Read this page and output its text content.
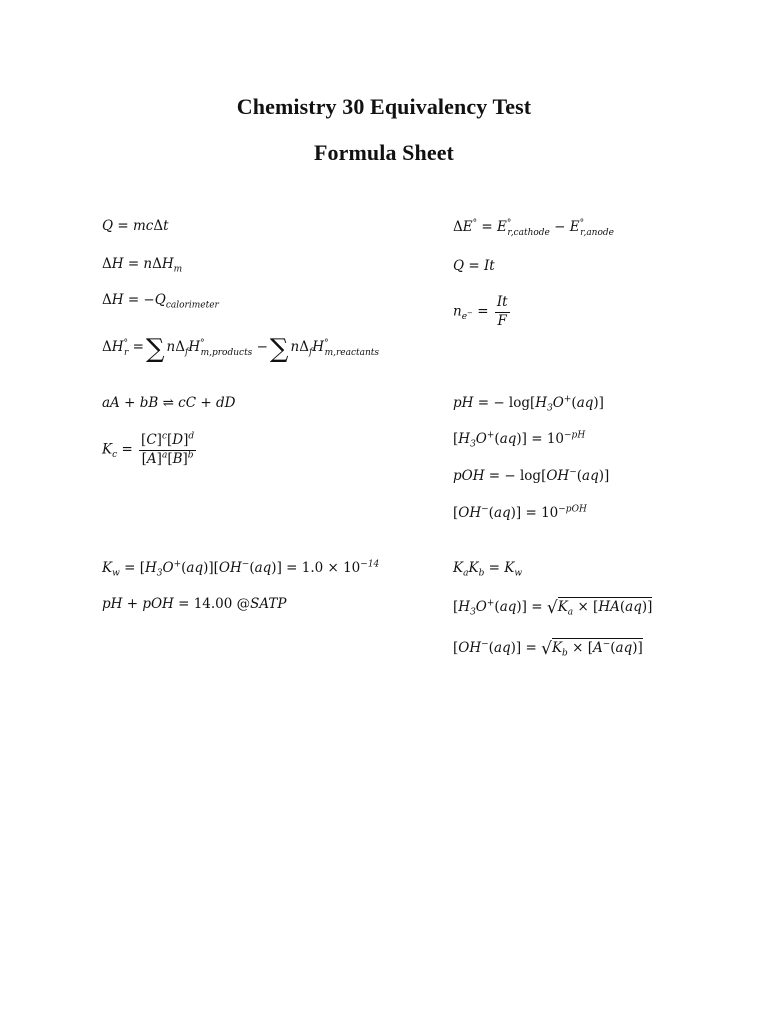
Chemistry 30 Equivalency Test
Formula Sheet
Q = mcΔt
ΔH = nΔH$_m$
$\Delta H = -Q_{calorimeter}$
$\Delta H^\circ_r$ =∑ $n\Delta_fH^\circ_{m,products}$ −∑ $n\Delta_fH^\circ_{m,reactants}$
$\Delta E^\circ = E^\circ_{r,cathode} - E^\circ_{r,anode}$
Q = It
$n_{e^-} = \frac{It}{F}$
aA + bB ⇌ cC + dD
$K_c = \frac{[C]^c[D]^d}{[A]^a[B]^b}$
pH = − $\log[H_3O^+(aq)]$
$[H_3O^+(aq)] = 10^{-pH}$
pOH = − log[OH−(aq)]
$[OH^-(aq)] = 10^{-pOH}$
$K_w = [H_3O^+(aq)][OH^-(aq)] = 1.0 \times 10^{-14}$
pH + pOH = 14.00 @SATP
$K_aK_b = K_w$
$[H_3O^+(aq)] = √K_a \times [HA(aq)]$
$[OH^-(aq)] = √K_b \times [A^-(aq)]$
